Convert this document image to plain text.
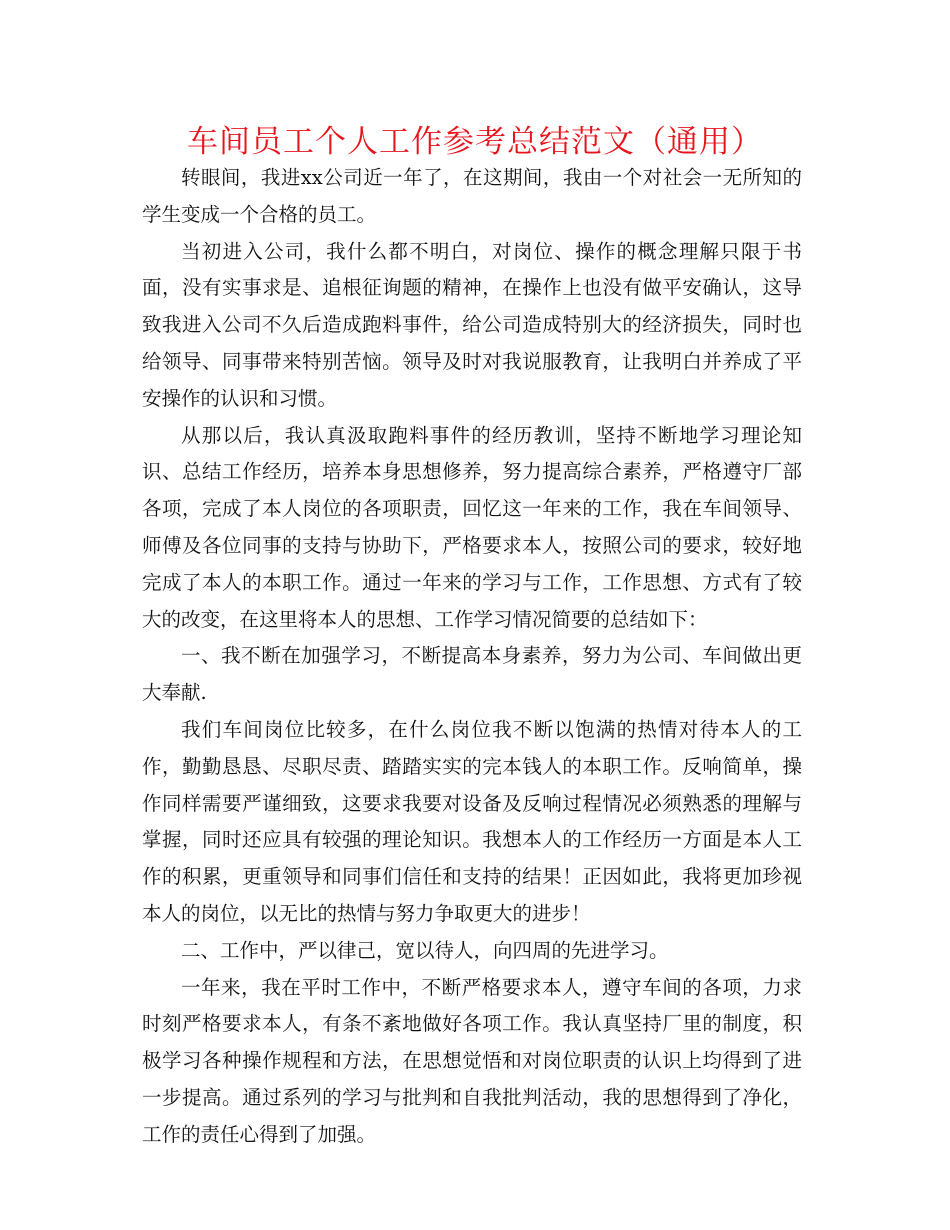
车间员工个人工作参考总结范文（通用）

转眼间，我进xx公司近一年了，在这期间，我由一个对社会一无所知的学生变成一个合格的员工。

当初进入公司，我什么都不明白，对岗位、操作的概念理解只限于书面，没有实事求是、追根征询题的精神，在操作上也没有做平安确认，这导致我进入公司不久后造成跑料事件，给公司造成特别大的经济损失，同时也给领导、同事带来特别苦恼。领导及时对我说服教育，让我明白并养成了平安操作的认识和习惯。

从那以后，我认真汲取跑料事件的经历教训，坚持不断地学习理论知识、总结工作经历，培养本身思想修养，努力提高综合素养，严格遵守厂部各项，完成了本人岗位的各项职责，回忆这一年来的工作，我在车间领导、师傅及各位同事的支持与协助下，严格要求本人，按照公司的要求，较好地完成了本人的本职工作。通过一年来的学习与工作，工作思想、方式有了较大的改变，在这里将本人的思想、工作学习情况简要的总结如下：

一、我不断在加强学习，不断提高本身素养，努力为公司、车间做出更大奉献.

我们车间岗位比较多，在什么岗位我不断以饱满的热情对待本人的工作，勤勤恳恳、尽职尽责、踏踏实实的完本钱人的本职工作。反响简单，操作同样需要严谨细致，这要求我要对设备及反响过程情况必须熟悉的理解与掌握，同时还应具有较强的理论知识。我想本人的工作经历一方面是本人工作的积累，更重领导和同事们信任和支持的结果！正因如此，我将更加珍视本人的岗位，以无比的热情与努力争取更大的进步！

二、工作中，严以律己，宽以待人，向四周的先进学习。

一年来，我在平时工作中，不断严格要求本人，遵守车间的各项，力求时刻严格要求本人，有条不紊地做好各项工作。我认真坚持厂里的制度，积极学习各种操作规程和方法，在思想觉悟和对岗位职责的认识上均得到了进一步提高。通过系列的学习与批判和自我批判活动，我的思想得到了净化，工作的责任心得到了加强。
